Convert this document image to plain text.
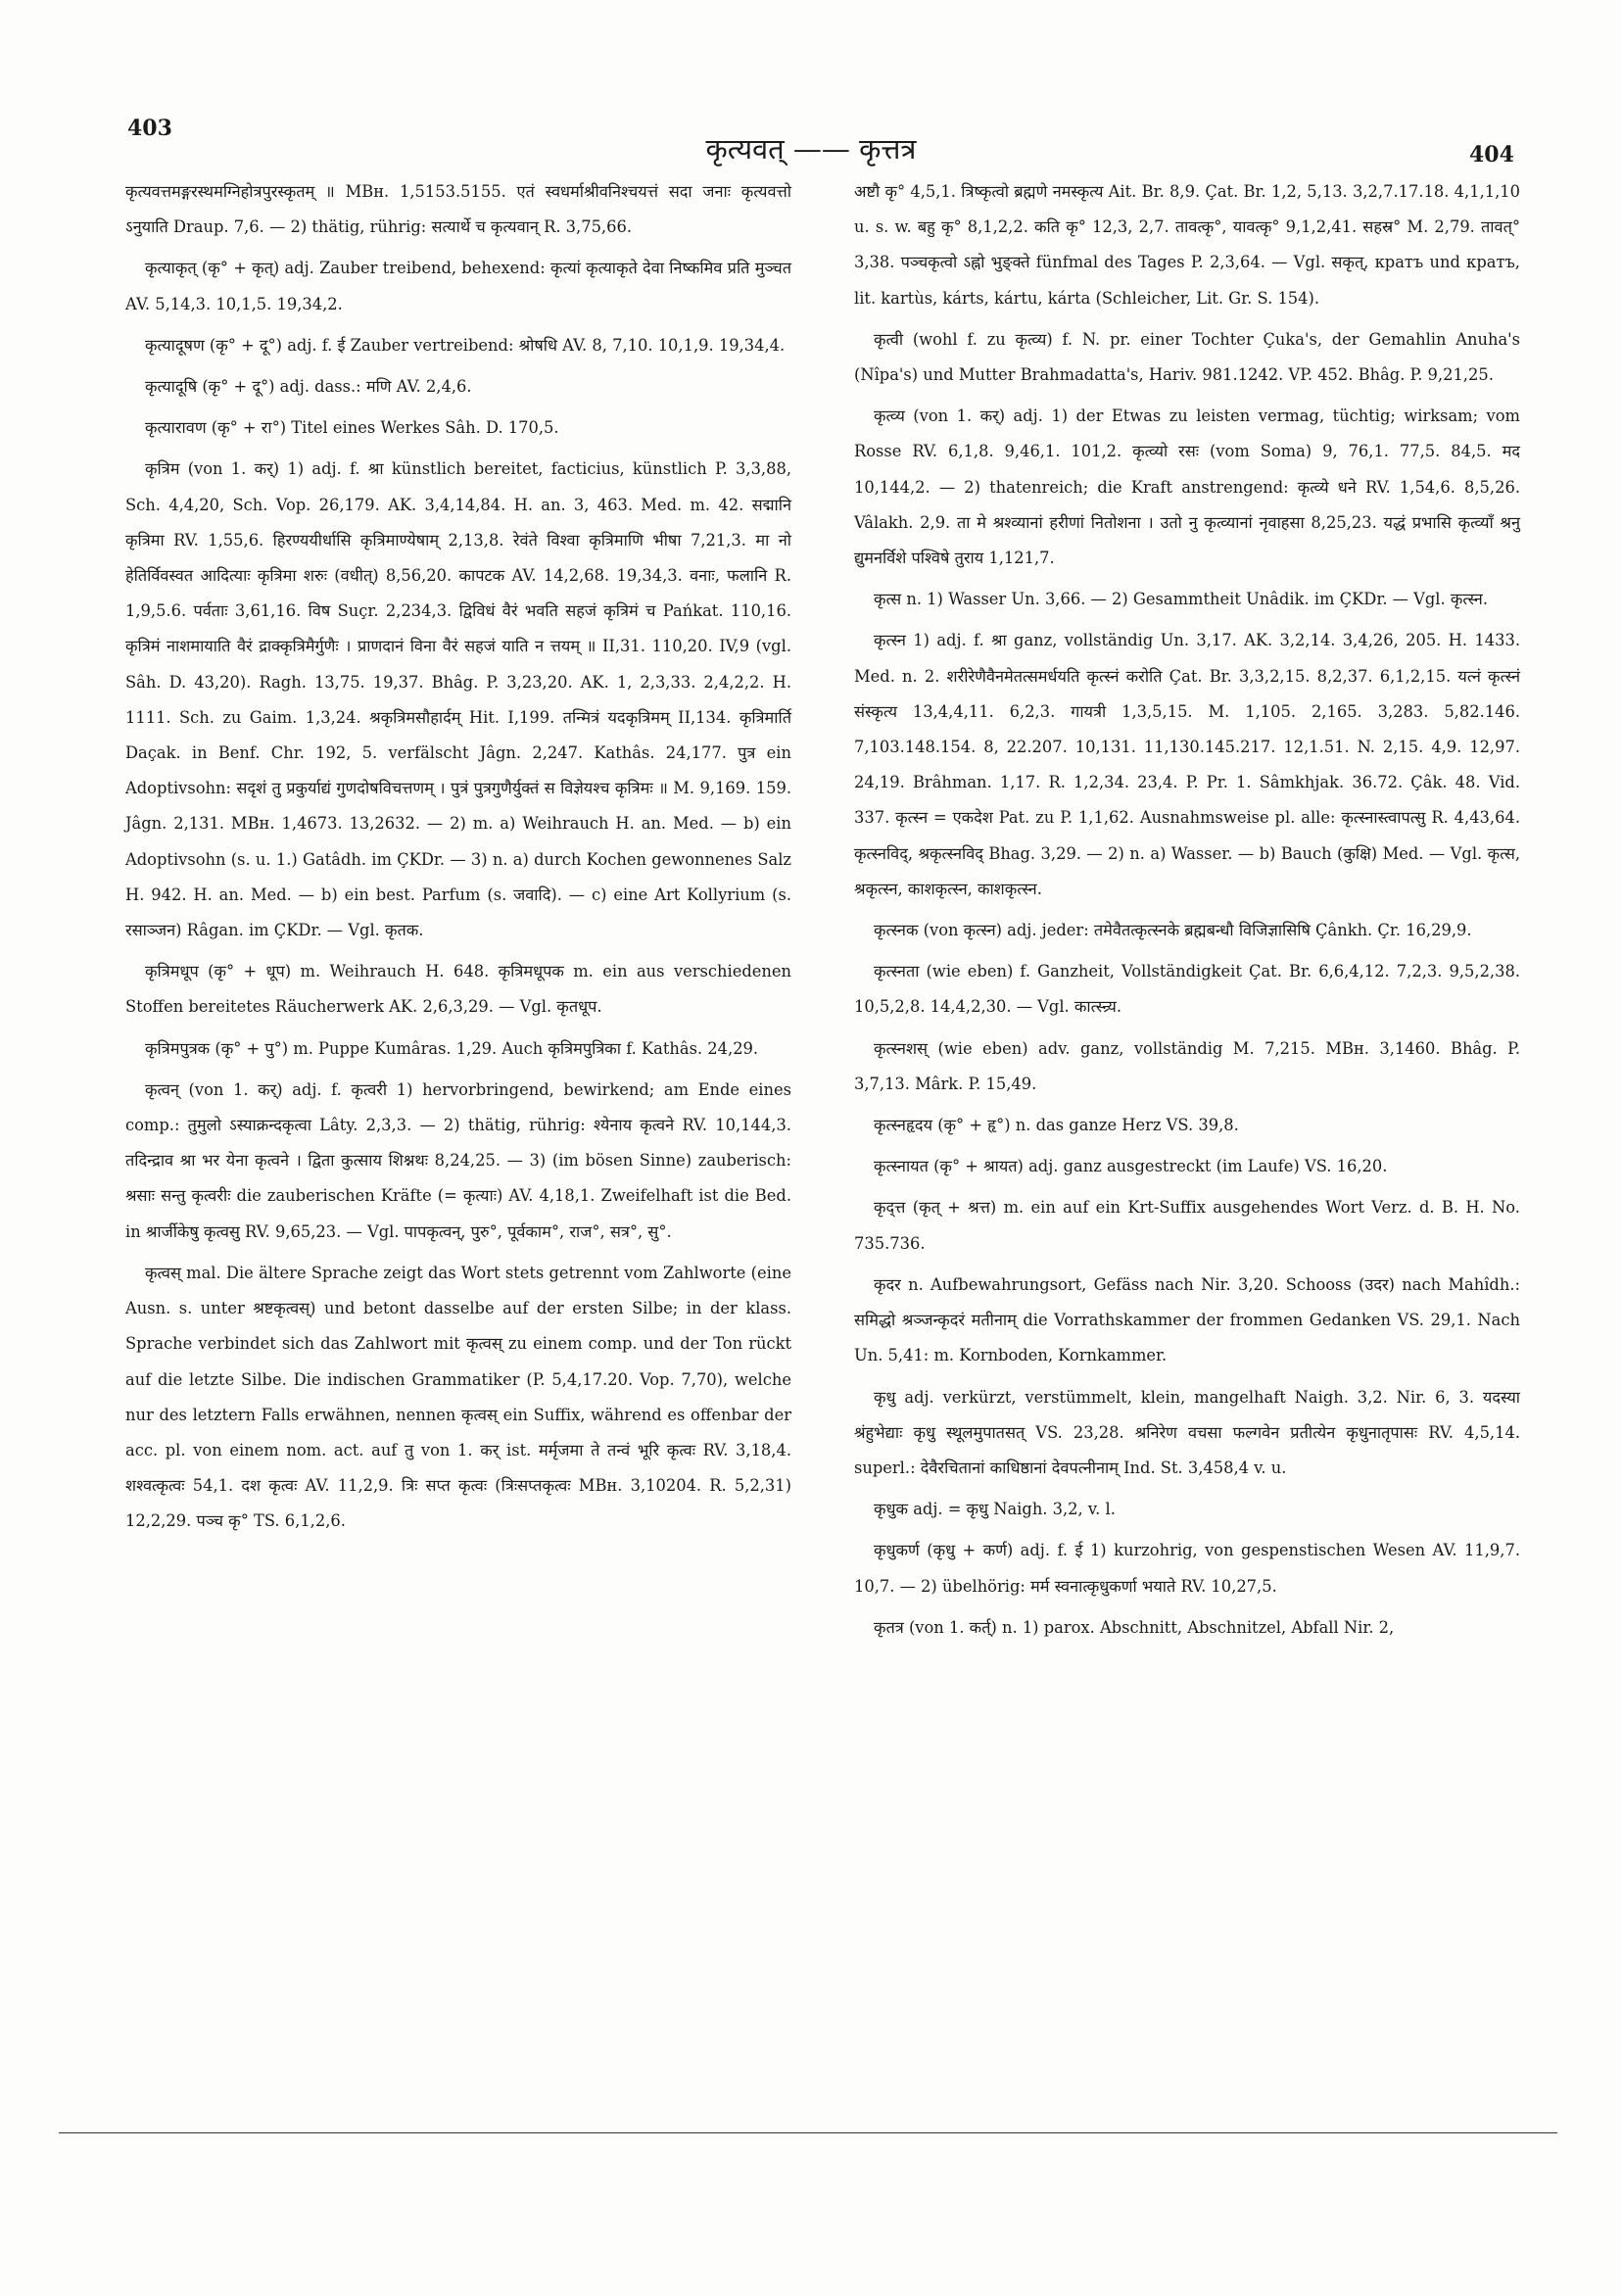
403
कृत्यवत् —— कृत्तत्र	404

कृत्यवत्तमङ्गरस्थमग्निहोत्रपुरस्कृतम् ॥ MBн. 1,5153.5155. एतं स्वधर्माश्रीवनिश्चयत्तं सदा जनाः कृत्यवत्तो ऽनुयाति Draup. 7,6. — 2) thätig, rührig: सत्यार्थे च कृत्यवान् R. 3,75,66.

कृत्याकृत् (कृ° + कृत्) adj. Zauber treibend, behexend: कृत्यां कृत्याकृते देवा निष्कमिव प्रति मुञ्चत AV. 5,14,3. 10,1,5. 19,34,2.

कृत्यादूषण (कृ° + दू°) adj. f. ई Zauber vertreibend: श्रोषधि AV. 8, 7,10. 10,1,9. 19,34,4.

कृत्यादूषि (कृ° + दू°) adj. dass.: मणि AV. 2,4,6.

कृत्यारावण (कृ° + रा°) Titel eines Werkes Sâh. D. 170,5.

कृत्रिम (von 1. कर्) 1) adj. f. श्रा künstlich bereitet, facticius, künstlich P. 3,3,88, Sch. 4,4,20, Sch. Vop. 26,179. AK. 3,4,14,84. H. an. 3, 463. Med. m. 42. सद्मानि कृत्रिमा RV. 1,55,6. हिरण्ययीर्धासि कृत्रिमाण्येषाम् 2,13,8. रेवंते विश्वा कृत्रिमाणि भीषा 7,21,3. मा नो हेतिर्विवस्वत आदित्याः कृत्रिमा शरुः (वधीत्) 8,56,20. कापटक AV. 14,2,68. 19,34,3. वनाः, फलानि R. 1,9,5.6. पर्वताः 3,61,16. विष Suçr. 2,234,3. द्विविधं वैरं भवति सहजं कृत्रिमं च Pańkat. 110,16. कृत्रिमं नाशमायाति वैरं द्राक्कृत्रिमैर्गुणैः । प्राणदानं विना वैरं सहजं याति न त्तयम् ॥ II,31. 110,20. IV,9 (vgl. Sâh. D. 43,20). Ragh. 13,75. 19,37. Bhâg. P. 3,23,20. AK. 1, 2,3,33. 2,4,2,2. H. 1111. Sch. zu Gaim. 1,3,24. श्रकृत्रिमसौहार्दम् Hit. I,199. तन्मित्रं यदकृत्रिमम् II,134. कृत्रिमार्ति Daçak. in Benf. Chr. 192, 5. verfälscht Jâgn. 2,247. Kathâs. 24,177. पुत्र ein Adoptivsohn: सदृशं तु प्रकुर्याद्यं गुणदोषविचत्तणम् । पुत्रं पुत्रगुणैर्युक्तं स विज्ञेयश्च कृत्रिमः ॥ M. 9,169. 159. Jâgn. 2,131. MBн. 1,4673. 13,2632. — 2) m. a) Weihrauch H. an. Med. — b) ein Adoptivsohn (s. u. 1.) Gatâdh. im ÇKDr. — 3) n. a) durch Kochen gewonnenes Salz H. 942. H. an. Med. — b) ein best. Parfum (s. जवादि). — c) eine Art Kollyrium (s. रसाञ्जन) Râgan. im ÇKDr. — Vgl. कृतक.

कृत्रिमधूप (कृ° + धूप) m. Weihrauch H. 648. कृत्रिमधूपक m. ein aus verschiedenen Stoffen bereitetes Räucherwerk AK. 2,6,3,29. — Vgl. कृतधूप.

कृत्रिमपुत्रक (कृ° + पु°) m. Puppe Kumâras. 1,29. Auch कृत्रिमपुत्रिका f. Kathâs. 24,29.

कृत्वन् (von 1. कर्) adj. f. कृत्वरी 1) hervorbringend, bewirkend; am Ende eines comp.: तुमुलो ऽस्याक्रन्दकृत्वा Lâty. 2,3,3. — 2) thätig, rührig: श्येनाय कृत्वने RV. 10,144,3. तदिन्द्राव श्रा भर येना कृत्वने । द्विता कुत्साय शिश्नथः 8,24,25. — 3) (im bösen Sinne) zauberisch: श्रसाः सन्तु कृत्वरीः die zauberischen Kräfte (= कृत्याः) AV. 4,18,1. Zweifelhaft ist die Bed. in श्रार्जीकेषु कृत्वसु RV. 9,65,23. — Vgl. पापकृत्वन्, पुरु°, पूर्वकाम°, राज°, सत्र°, सु°.

कृत्वस् mal. Die ältere Sprache zeigt das Wort stets getrennt vom Zahlworte (eine Ausn. s. unter श्रष्टकृत्वस्) und betont dasselbe auf der ersten Silbe; in der klass. Sprache verbindet sich das Zahlwort mit कृत्वस् zu einem comp. und der Ton rückt auf die letzte Silbe. Die indischen Grammatiker (P. 5,4,17.20. Vop. 7,70), welche nur des letztern Falls erwähnen, nennen कृत्वस् ein Suffix, während es offenbar der acc. pl. von einem nom. act. auf तु von 1. कर् ist. मर्मृजमा ते तन्वं भूरि कृत्वः RV. 3,18,4. शश्वत्कृत्वः 54,1. दश कृत्वः AV. 11,2,9. त्रिः सप्त कृत्वः (त्रिःसप्तकृत्वः MBн. 3,10204. R. 5,2,31) 12,2,29. पञ्च कृ° TS. 6,1,2,6.

अष्टौ कृ° 4,5,1. त्रिष्कृत्वो ब्रह्मणे नमस्कृत्य Ait. Br. 8,9. Çat. Br. 1,2, 5,13. 3,2,7.17.18. 4,1,1,10 u. s. w. बहु कृ° 8,1,2,2. कति कृ° 12,3, 2,7. तावत्कृ°, यावत्कृ° 9,1,2,41. सहस्र° M. 2,79. तावत्° 3,38. पञ्चकृत्वो ऽह्नो भुङ्क्ते fünfmal des Tages P. 2,3,64. — Vgl. सकृत्, кратъ und кратъ, lit. kartùs, kárts, kártu, kárta (Schleicher, Lit. Gr. S. 154).

कृत्वी (wohl f. zu कृत्व्य) f. N. pr. einer Tochter Çuka's, der Gemahlin Anuha's (Nîpa's) und Mutter Brahmadatta's, Hariv. 981.1242. VP. 452. Bhâg. P. 9,21,25.

कृत्व्य (von 1. कर्) adj. 1) der Etwas zu leisten vermag, tüchtig; wirksam; vom Rosse RV. 6,1,8. 9,46,1. 101,2. कृत्व्यो रसः (vom Soma) 9, 76,1. 77,5. 84,5. मद 10,144,2. — 2) thatenreich; die Kraft anstrengend: कृत्व्ये धने RV. 1,54,6. 8,5,26. Vâlakh. 2,9. ता मे श्रश्व्यानां हरीणां नितोशना । उतो नु कृत्व्यानां नृवाहसा 8,25,23. यद्धं प्रभासि कृत्व्याँ श्रनु द्युमनर्विशे पश्विषे तुराय 1,121,7.

कृत्स n. 1) Wasser Un. 3,66. — 2) Gesammtheit Unâdik. im ÇKDr. — Vgl. कृत्स्न.

कृत्स्न 1) adj. f. श्रा ganz, vollständig Un. 3,17. AK. 3,2,14. 3,4,26, 205. H. 1433. Med. n. 2. शरीरेणैवैनमेतत्समर्धयति कृत्स्नं करोति Çat. Br. 3,3,2,15. 8,2,37. 6,1,2,15. यत्नं कृत्स्नं संस्कृत्य 13,4,4,11. 6,2,3. गायत्री 1,3,5,15. M. 1,105. 2,165. 3,283. 5,82.146. 7,103.148.154. 8, 22.207. 10,131. 11,130.145.217. 12,1.51. N. 2,15. 4,9. 12,97. 24,19. Brâhman. 1,17. R. 1,2,34. 23,4. P. Pr. 1. Sâmkhjak. 36.72. Çâk. 48. Vid. 337. कृत्स्न = एकदेश Pat. zu P. 1,1,62. Ausnahmsweise pl. alle: कृत्स्नास्त्वापत्सु R. 4,43,64. कृत्स्नविद्, श्रकृत्स्नविद् Bhag. 3,29. — 2) n. a) Wasser. — b) Bauch (कुक्षि) Med. — Vgl. कृत्स, श्रकृत्स्न, काशकृत्स्न, काशकृत्स्न.

कृत्स्नक (von कृत्स्न) adj. jeder: तमेवैतत्कृत्स्नके ब्रह्मबन्धौ विजिज्ञासिषि Çânkh. Çr. 16,29,9.

कृत्स्नता (wie eben) f. Ganzheit, Vollständigkeit Çat. Br. 6,6,4,12. 7,2,3. 9,5,2,38. 10,5,2,8. 14,4,2,30. — Vgl. कात्स्न्र्य.

कृत्स्नशस् (wie eben) adv. ganz, vollständig M. 7,215. MBн. 3,1460. Bhâg. P. 3,7,13. Mârk. P. 15,49.

कृत्स्नहृदय (कृ° + हृ°) n. das ganze Herz VS. 39,8.

कृत्स्नायत (कृ° + श्रायत) adj. ganz ausgestreckt (im Laufe) VS. 16,20.

कृद्त्त (कृत् + श्रत्त) m. ein auf ein Krt-Suffix ausgehendes Wort Verz. d. B. H. No. 735.736.

कृदर n. Aufbewahrungsort, Gefäss nach Nir. 3,20. Schooss (उदर) nach Mahîdh.: समिद्धो श्रञ्जन्कृदरं मतीनाम् die Vorrathskammer der frommen Gedanken VS. 29,1. Nach Un. 5,41: m. Kornboden, Kornkammer.

कृधु adj. verkürzt, verstümmelt, klein, mangelhaft Naigh. 3,2. Nir. 6, 3. यदस्या श्रंहुभेद्याः कृधु स्थूलमुपातसत् VS. 23,28. श्रनिरेण वचसा फल्गवेन प्रतीत्येन कृधुनातृपासः RV. 4,5,14. superl.: देवैरचितानां काधिष्ठानां देवपत्नीनाम् Ind. St. 3,458,4 v. u.

कृधुक adj. = कृधु Naigh. 3,2, v. l.

कृधुकर्ण (कृधु + कर्ण) adj. f. ई 1) kurzohrig, von gespenstischen Wesen AV. 11,9,7. 10,7. — 2) übelhörig: मर्म स्वनात्कृधुकर्णा भयाते RV. 10,27,5.

कृतत्र (von 1. कर्त्) n. 1) parox. Abschnitt, Abschnitzel, Abfall Nir. 2,
